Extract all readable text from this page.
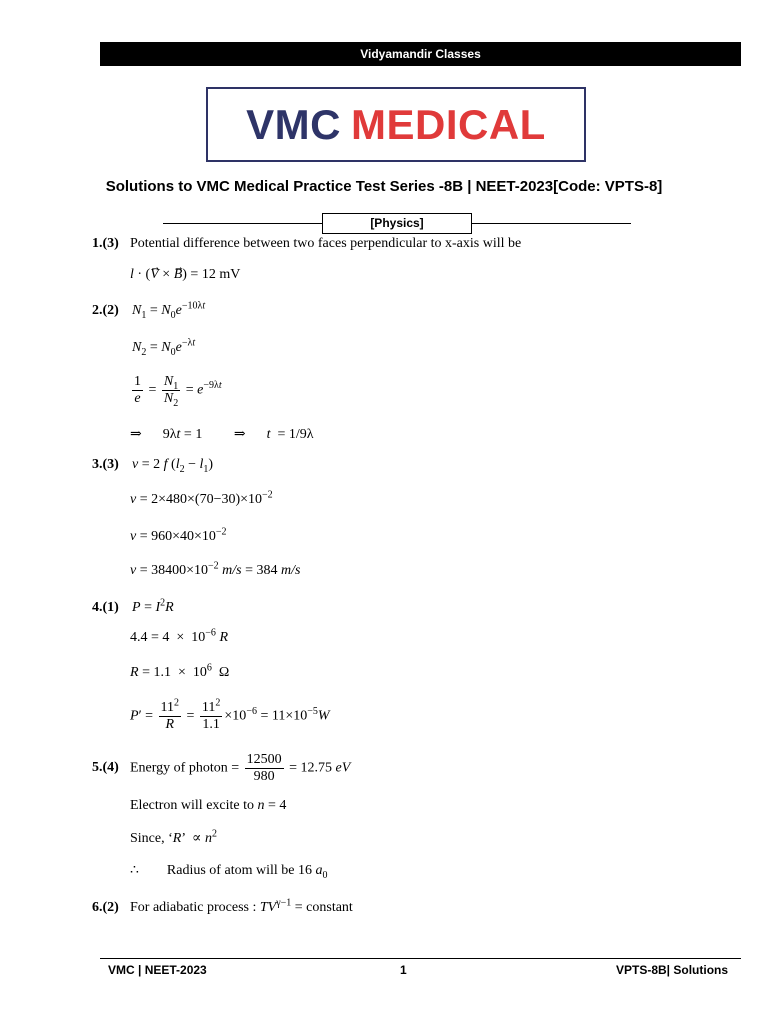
Vidyamandir Classes
VMC MEDICAL
Solutions to VMC Medical Practice Test Series -8B | NEET-2023[Code: VPTS-8]
[Physics]
1.(3) Potential difference between two faces perpendicular to x-axis will be
l · (V⃗ × B⃗) = 12 mV
2.(2) $N_1 = N_0e^{-10\lambda t}$
$N_2 = N_0e^{-\lambda t}$
$\frac{1}{e} = \frac{N_1}{N_2} = e^{-9\lambda t}$
⇒      9λt = 1         ⇒      t  = 1/9λ
3.(3) v = 2 f $(l_2 - l_1)$
$v = 2\times 480\times(70-30)\times 10^{-2}$
$v = 960\times 40\times 10^{-2}$
$v = 38400\times 10^{-2}$ m/s = 384 m/s
4.(1) $P = I^2R$
$4.4 = 4 \times 10^{-6}$ R
$R = 1.1 \times 10^6$  Ω
$P' = \frac{11^2}{R} = \frac{11^2}{1.1} \times 10^{-6} = 11\times 10^{-5}W$
5.(4) Energy of photon = $\frac{12500}{980} = 12.75$ eV
Electron will excite to n = 4
Since, ‘R’  ∝ $n^2$
∴ Radius of atom will be 16 $a_0$
6.(2) For adiabatic process : $TV^{\gamma-1}$ = constant
VMC | NEET-2023	1	VPTS-8B| Solutions
